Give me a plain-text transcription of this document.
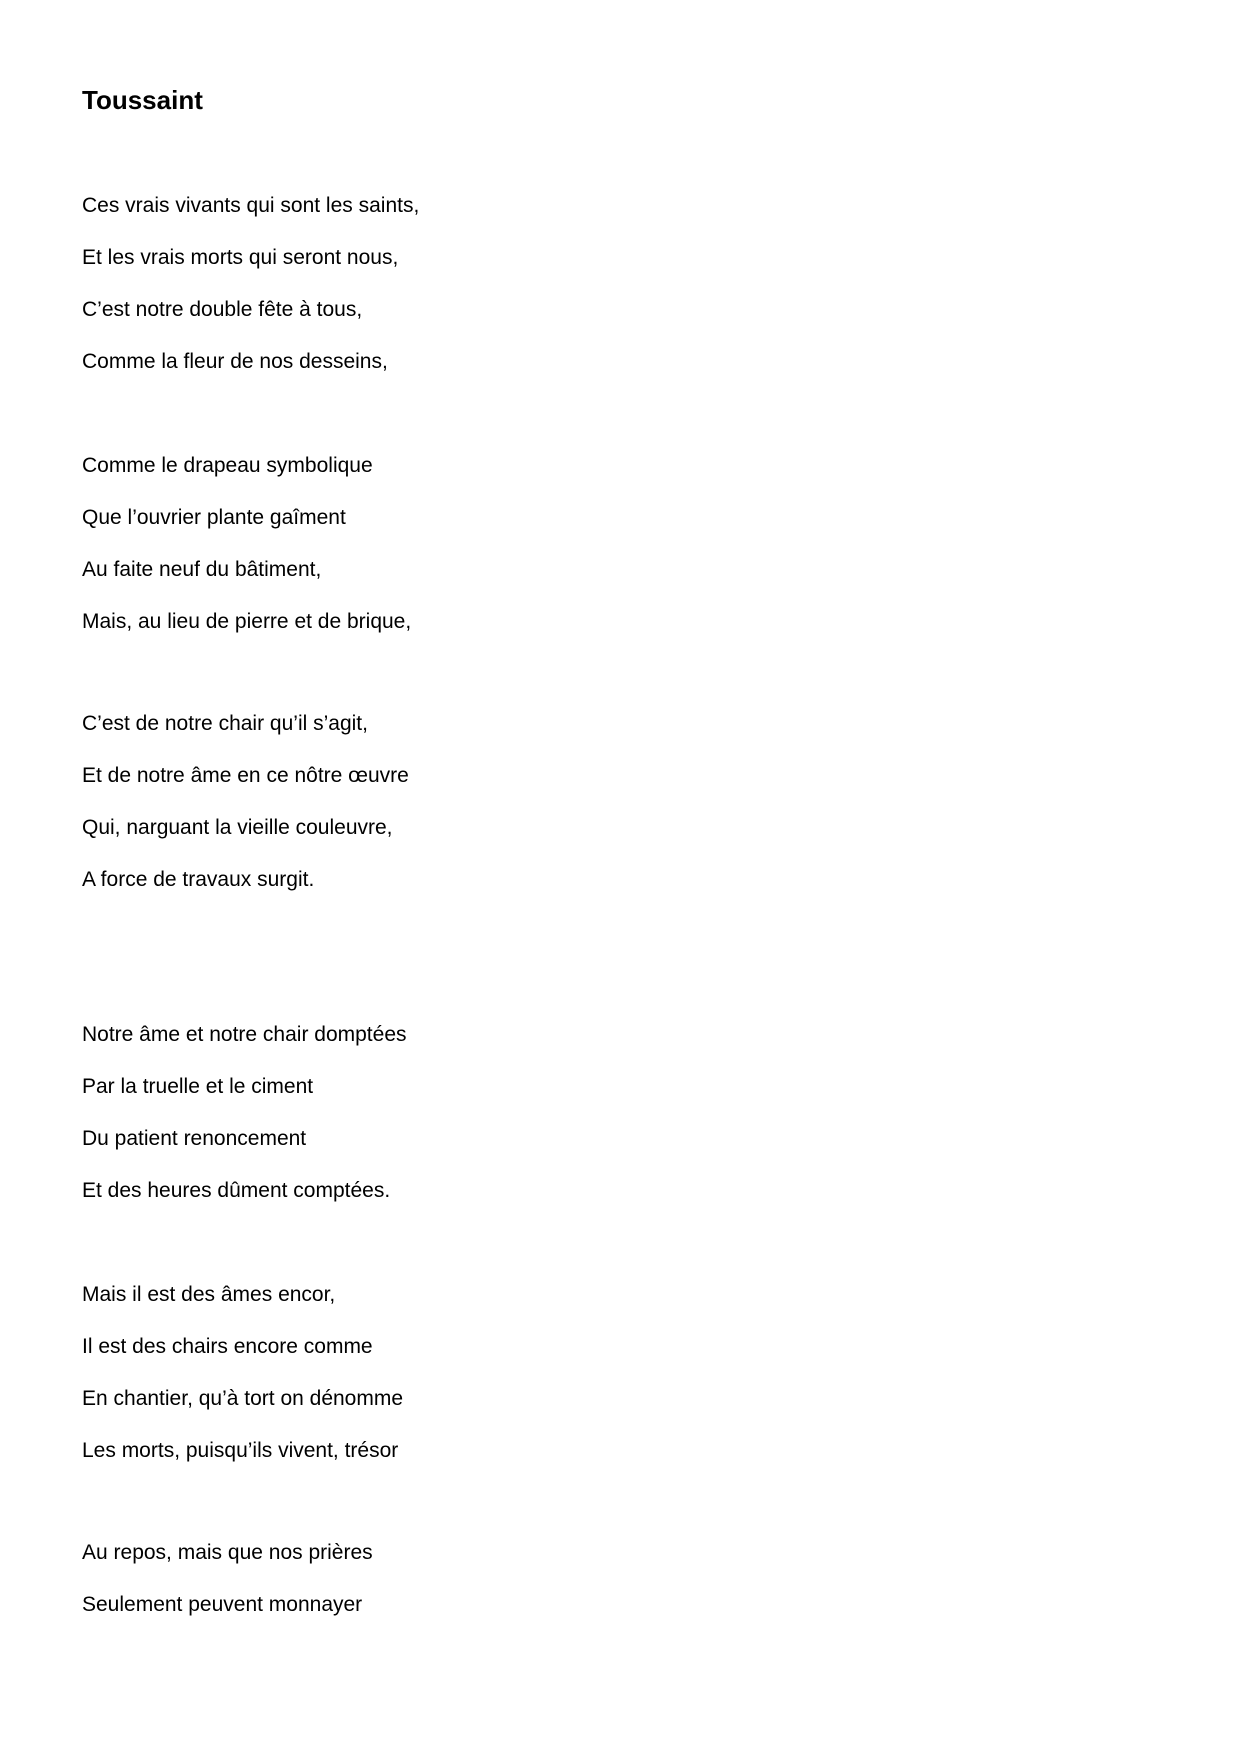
Toussaint
Ces vrais vivants qui sont les saints,
Et les vrais morts qui seront nous,
C’est notre double fête à tous,
Comme la fleur de nos desseins,
Comme le drapeau symbolique
Que l’ouvrier plante gaîment
Au faite neuf du bâtiment,
Mais, au lieu de pierre et de brique,
C’est de notre chair qu’il s’agit,
Et de notre âme en ce nôtre œuvre
Qui, narguant la vieille couleuvre,
A force de travaux surgit.
Notre âme et notre chair domptées
Par la truelle et le ciment
Du patient renoncement
Et des heures dûment comptées.
Mais il est des âmes encor,
Il est des chairs encore comme
En chantier, qu’à tort on dénomme
Les morts, puisqu’ils vivent, trésor
Au repos, mais que nos prières
Seulement peuvent monnayer
